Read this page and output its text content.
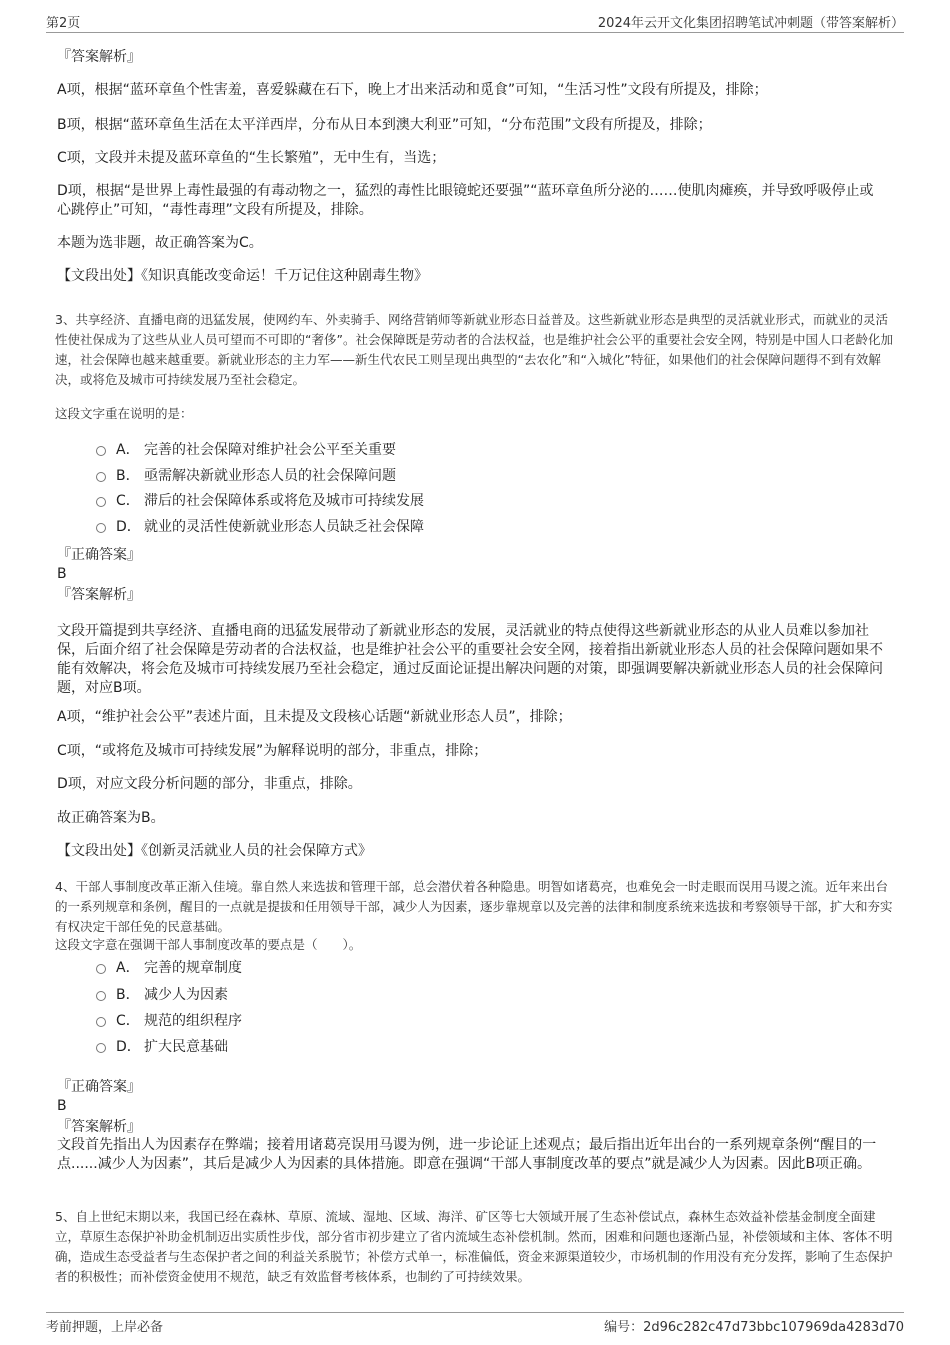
第2页	2024年云开文化集团招聘笔试冲刺题（带答案解析）

『答案解析』

A项，根据“蓝环章鱼个性害羞，喜爱躲藏在石下，晚上才出来活动和觅食”可知，“生活习性”文段有所提及，排除；

B项，根据“蓝环章鱼生活在太平洋西岸，分布从日本到澳大利亚”可知，“分布范围”文段有所提及，排除；

C项，文段并未提及蓝环章鱼的“生长繁殖”，无中生有，当选；

D项，根据“是世界上毒性最强的有毒动物之一，猛烈的毒性比眼镜蛇还要强”“蓝环章鱼所分泌的……使肌肉瘫痪，并导致呼吸停止或心跳停止”可知，“毒性毒理”文段有所提及，排除。

本题为选非题，故正确答案为C。

【文段出处】《知识真能改变命运！千万记住这种剧毒生物》

3、共享经济、直播电商的迅猛发展，使网约车、外卖骑手、网络营销师等新就业形态日益普及。这些新就业形态是典型的灵活就业形式，而就业的灵活性使社保成为了这些从业人员可望而不可即的“奢侈”。社会保障既是劳动者的合法权益，也是维护社会公平的重要社会安全网，特别是中国人口老龄化加速，社会保障也越来越重要。新就业形态的主力军——新生代农民工则呈现出典型的“去农化”和“入城化”特征，如果他们的社会保障问题得不到有效解决，或将危及城市可持续发展乃至社会稳定。

这段文字重在说明的是：

A． 完善的社会保障对维护社会公平至关重要
B． 亟需解决新就业形态人员的社会保障问题
C． 滞后的社会保障体系或将危及城市可持续发展
D． 就业的灵活性使新就业形态人员缺乏社会保障

『正确答案』

B

『答案解析』

文段开篇提到共享经济、直播电商的迅猛发展带动了新就业形态的发展，灵活就业的特点使得这些新就业形态的从业人员难以参加社保，后面介绍了社会保障是劳动者的合法权益，也是维护社会公平的重要社会安全网，接着指出新就业形态人员的社会保障问题如果不能有效解决，将会危及城市可持续发展乃至社会稳定，通过反面论证提出解决问题的对策，即强调要解决新就业形态人员的社会保障问题，对应B项。

A项，“维护社会公平”表述片面，且未提及文段核心话题“新就业形态人员”，排除；

C项，“或将危及城市可持续发展”为解释说明的部分，非重点，排除；

D项，对应文段分析问题的部分，非重点，排除。

故正确答案为B。

【文段出处】《创新灵活就业人员的社会保障方式》

4、干部人事制度改革正渐入佳境。靠自然人来选拔和管理干部，总会潜伏着各种隐患。明智如诸葛亮，也难免会一时走眼而误用马谡之流。近年来出台的一系列规章和条例，醒目的一点就是提拔和任用领导干部，减少人为因素，逐步靠规章以及完善的法律和制度系统来选拔和考察领导干部，扩大和夯实有权决定干部任免的民意基础。

这段文字意在强调干部人事制度改革的要点是（　　）。

A． 完善的规章制度
B． 减少人为因素
C． 规范的组织程序
D． 扩大民意基础

『正确答案』

B

『答案解析』

文段首先指出人为因素存在弊端；接着用诸葛亮误用马谡为例，进一步论证上述观点；最后指出近年出台的一系列规章条例“醒目的一点......减少人为因素”，其后是减少人为因素的具体措施。即意在强调“干部人事制度改革的要点”就是减少人为因素。因此B项正确。

5、自上世纪末期以来，我国已经在森林、草原、流域、湿地、区域、海洋、矿区等七大领域开展了生态补偿试点，森林生态效益补偿基金制度全面建立，草原生态保护补助金机制迈出实质性步伐，部分省市初步建立了省内流域生态补偿机制。然而，困难和问题也逐渐凸显，补偿领域和主体、客体不明确，造成生态受益者与生态保护者之间的利益关系脱节；补偿方式单一，标准偏低，资金来源渠道较少，市场机制的作用没有充分发挥，影响了生态保护者的积极性；而补偿资金使用不规范，缺乏有效监督考核体系，也制约了可持续效果。

考前押题，上岸必备	编号：2d96c282c47d73bbc107969da4283d70
